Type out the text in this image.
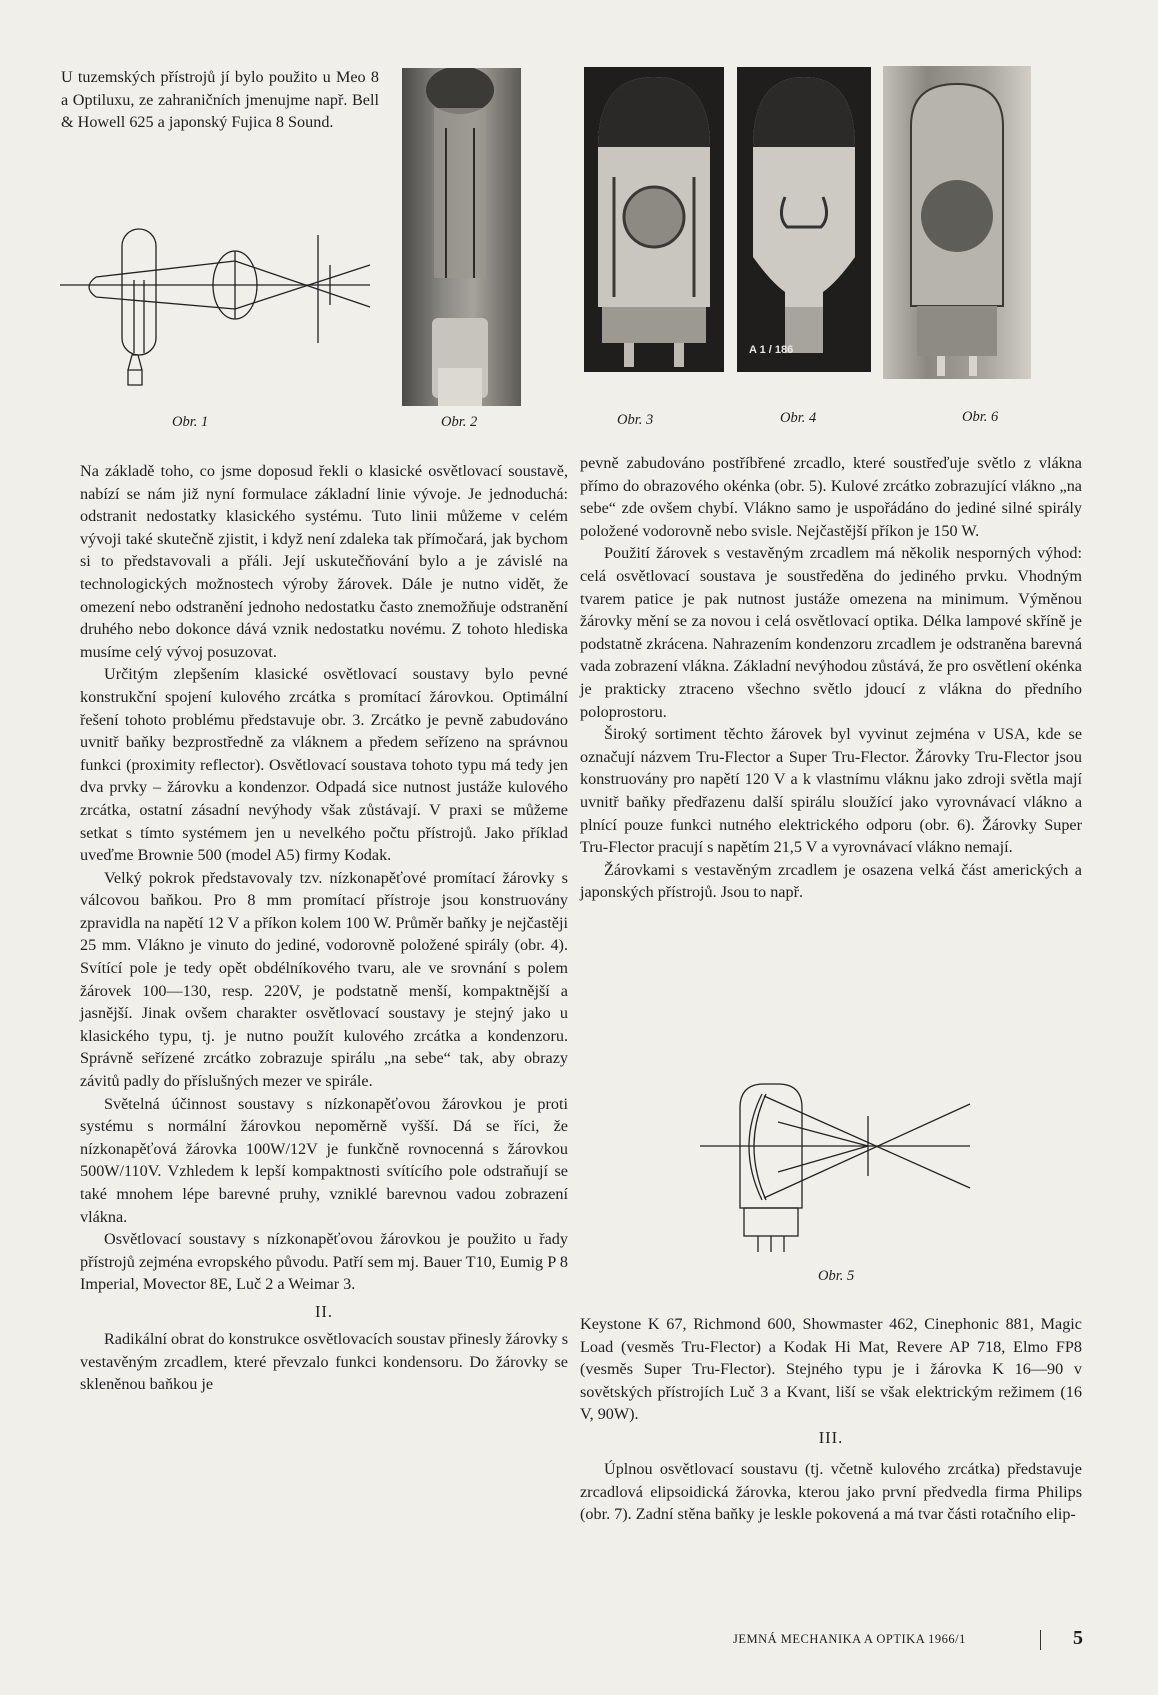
U tuzemských přístrojů jí bylo použito u Meo 8 a Optiluxu, ze zahraničních jmenujme např. Bell & Howell 625 a japonský Fujica 8 Sound.

A 1 / 186
Obr. 1	Obr. 2	Obr. 3	Obr. 4	Obr. 6

Na základě toho, co jsme doposud řekli o klasické osvětlovací soustavě, nabízí se nám již nyní formulace základní linie vývoje. Je jednoduchá: odstranit nedostatky klasického systému. Tuto linii můžeme v celém vývoji také skutečně zjistit, i když není zdaleka tak přímočará, jak bychom si to představovali a přáli. Její uskutečňování bylo a je závislé na technologických možnostech výroby žárovek. Dále je nutno vidět, že omezení nebo odstranění jednoho nedostatku často znemožňuje odstranění druhého nebo dokonce dává vznik nedostatku novému. Z tohoto hlediska musíme celý vývoj posuzovat.

Určitým zlepšením klasické osvětlovací soustavy bylo pevné konstrukční spojení kulového zrcátka s promítací žárovkou. Optimální řešení tohoto problému představuje obr. 3. Zrcátko je pevně zabudováno uvnitř baňky bezprostředně za vláknem a předem seřízeno na správnou funkci (proximity reflector). Osvětlovací soustava tohoto typu má tedy jen dva prvky – žárovku a kondenzor. Odpadá sice nutnost justáže kulového zrcátka, ostatní zásadní nevýhody však zůstávají. V praxi se můžeme setkat s tímto systémem jen u nevelkého počtu přístrojů. Jako příklad uveďme Brownie 500 (model A5) firmy Kodak.

Velký pokrok představovaly tzv. nízkonapěťové promítací žárovky s válcovou baňkou. Pro 8 mm promítací přístroje jsou konstruovány zpravidla na napětí 12 V a příkon kolem 100 W. Průměr baňky je nejčastěji 25 mm. Vlákno je vinuto do jediné, vodorovně položené spirály (obr. 4). Svítící pole je tedy opět obdélníkového tvaru, ale ve srovnání s polem žárovek 100—130, resp. 220V, je podstatně menší, kompaktnější a jasnější. Jinak ovšem charakter osvětlovací soustavy je stejný jako u klasického typu, tj. je nutno použít kulového zrcátka a kondenzoru. Správně seřízené zrcátko zobrazuje spirálu „na sebe“ tak, aby obrazy závitů padly do příslušných mezer ve spirále.

Světelná účinnost soustavy s nízkonapěťovou žárovkou je proti systému s normální žárovkou nepoměrně vyšší. Dá se říci, že nízkonapěťová žárovka 100W/12V je funkčně rovnocenná s žárovkou 500W/110V. Vzhledem k lepší kompaktnosti svítícího pole odstraňují se také mnohem lépe barevné pruhy, vzniklé barevnou vadou zobrazení vlákna.

Osvětlovací soustavy s nízkonapěťovou žárovkou je použito u řady přístrojů zejména evropského původu. Patří sem mj. Bauer T10, Eumig P 8 Imperial, Movector 8E, Luč 2 a Weimar 3.

II.

Radikální obrat do konstrukce osvětlovacích soustav přinesly žárovky s vestavěným zrcadlem, které převzalo funkci kondensoru. Do žárovky se skleněnou baňkou je

pevně zabudováno postříbřené zrcadlo, které soustřeďuje světlo z vlákna přímo do obrazového okénka (obr. 5). Kulové zrcátko zobrazující vlákno „na sebe“ zde ovšem chybí. Vlákno samo je uspořádáno do jediné silné spirály položené vodorovně nebo svisle. Nejčastější příkon je 150 W.

Použití žárovek s vestavěným zrcadlem má několik nesporných výhod: celá osvětlovací soustava je soustředěna do jediného prvku. Vhodným tvarem patice je pak nutnost justáže omezena na minimum. Výměnou žárovky mění se za novou i celá osvětlovací optika. Délka lampové skříně je podstatně zkrácena. Nahrazením kondenzoru zrcadlem je odstraněna barevná vada zobrazení vlákna. Základní nevýhodou zůstává, že pro osvětlení okénka je prakticky ztraceno všechno světlo jdoucí z vlákna do předního poloprostoru.

Široký sortiment těchto žárovek byl vyvinut zejména v USA, kde se označují názvem Tru-Flector a Super Tru-Flector. Žárovky Tru-Flector jsou konstruovány pro napětí 120 V a k vlastnímu vláknu jako zdroji světla mají uvnitř baňky předřazenu další spirálu sloužící jako vyrovnávací vlákno a plnící pouze funkci nutného elektrického odporu (obr. 6). Žárovky Super Tru-Flector pracují s napětím 21,5 V a vyrovnávací vlákno nemají.

Žárovkami s vestavěným zrcadlem je osazena velká část amerických a japonských přístrojů. Jsou to např.

Obr. 5

Keystone K 67, Richmond 600, Showmaster 462, Cinephonic 881, Magic Load (vesměs Tru-Flector) a Kodak Hi Mat, Revere AP 718, Elmo FP8 (vesměs Super Tru-Flector). Stejného typu je i žárovka K 16—90 v sovětských přístrojích Luč 3 a Kvant, liší se však elektrickým režimem (16 V, 90W).

III.

Úplnou osvětlovací soustavu (tj. včetně kulového zrcátka) představuje zrcadlová elipsoidická žárovka, kterou jako první předvedla firma Philips (obr. 7). Zadní stěna baňky je leskle pokovená a má tvar části rotačního elip-

JEMNÁ MECHANIKA A OPTIKA 1966/1	5
